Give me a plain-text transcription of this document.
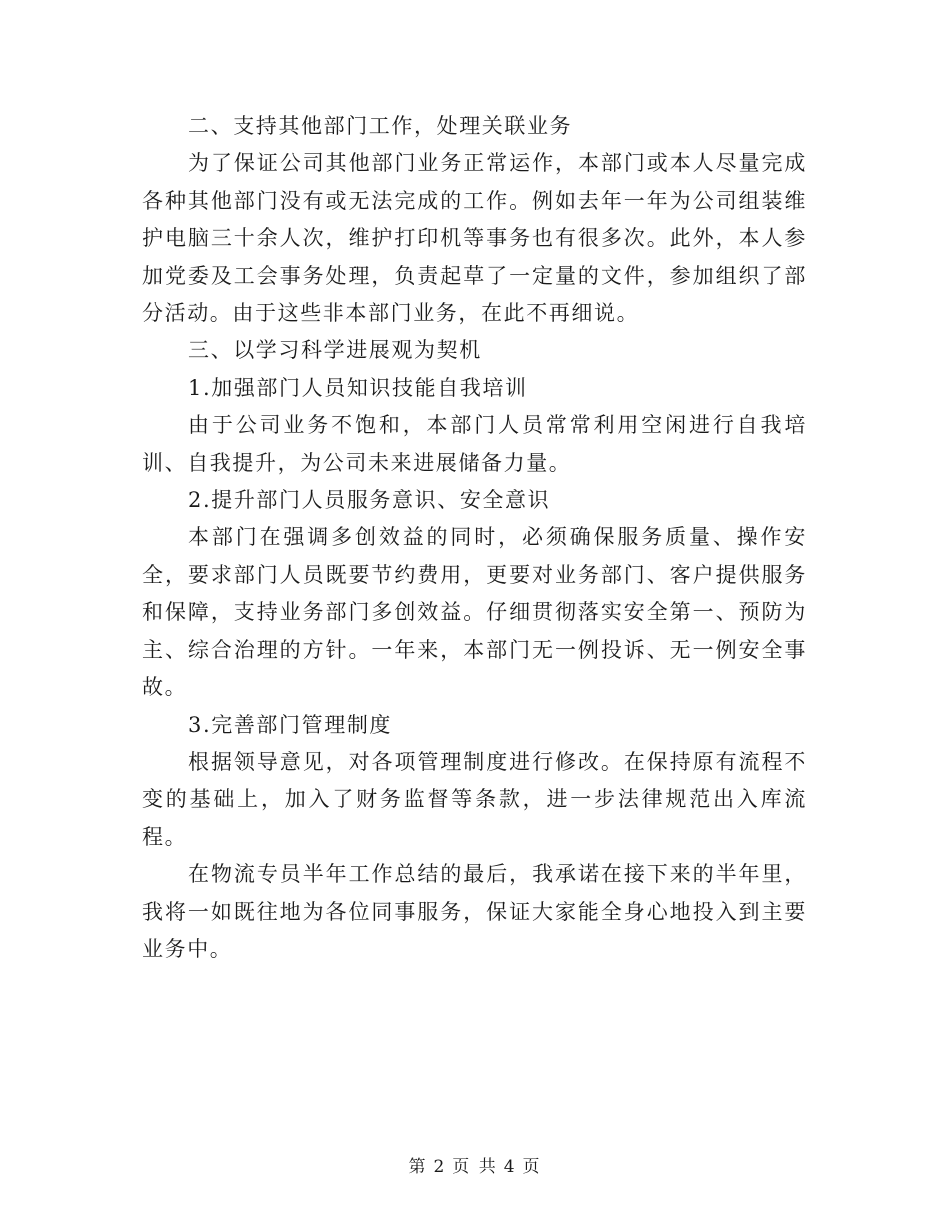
二、支持其他部门工作，处理关联业务

为了保证公司其他部门业务正常运作，本部门或本人尽量完成各种其他部门没有或无法完成的工作。例如去年一年为公司组装维护电脑三十余人次，维护打印机等事务也有很多次。此外，本人参加党委及工会事务处理，负责起草了一定量的文件，参加组织了部分活动。由于这些非本部门业务，在此不再细说。

三、以学习科学进展观为契机

1.加强部门人员知识技能自我培训

由于公司业务不饱和，本部门人员常常利用空闲进行自我培训、自我提升，为公司未来进展储备力量。

2.提升部门人员服务意识、安全意识

本部门在强调多创效益的同时，必须确保服务质量、操作安全，要求部门人员既要节约费用，更要对业务部门、客户提供服务和保障，支持业务部门多创效益。仔细贯彻落实安全第一、预防为主、综合治理的方针。一年来，本部门无一例投诉、无一例安全事故。

3.完善部门管理制度

根据领导意见，对各项管理制度进行修改。在保持原有流程不变的基础上，加入了财务监督等条款，进一步法律规范出入库流程。

在物流专员半年工作总结的最后，我承诺在接下来的半年里，我将一如既往地为各位同事服务，保证大家能全身心地投入到主要业务中。

第 2 页 共 4 页
